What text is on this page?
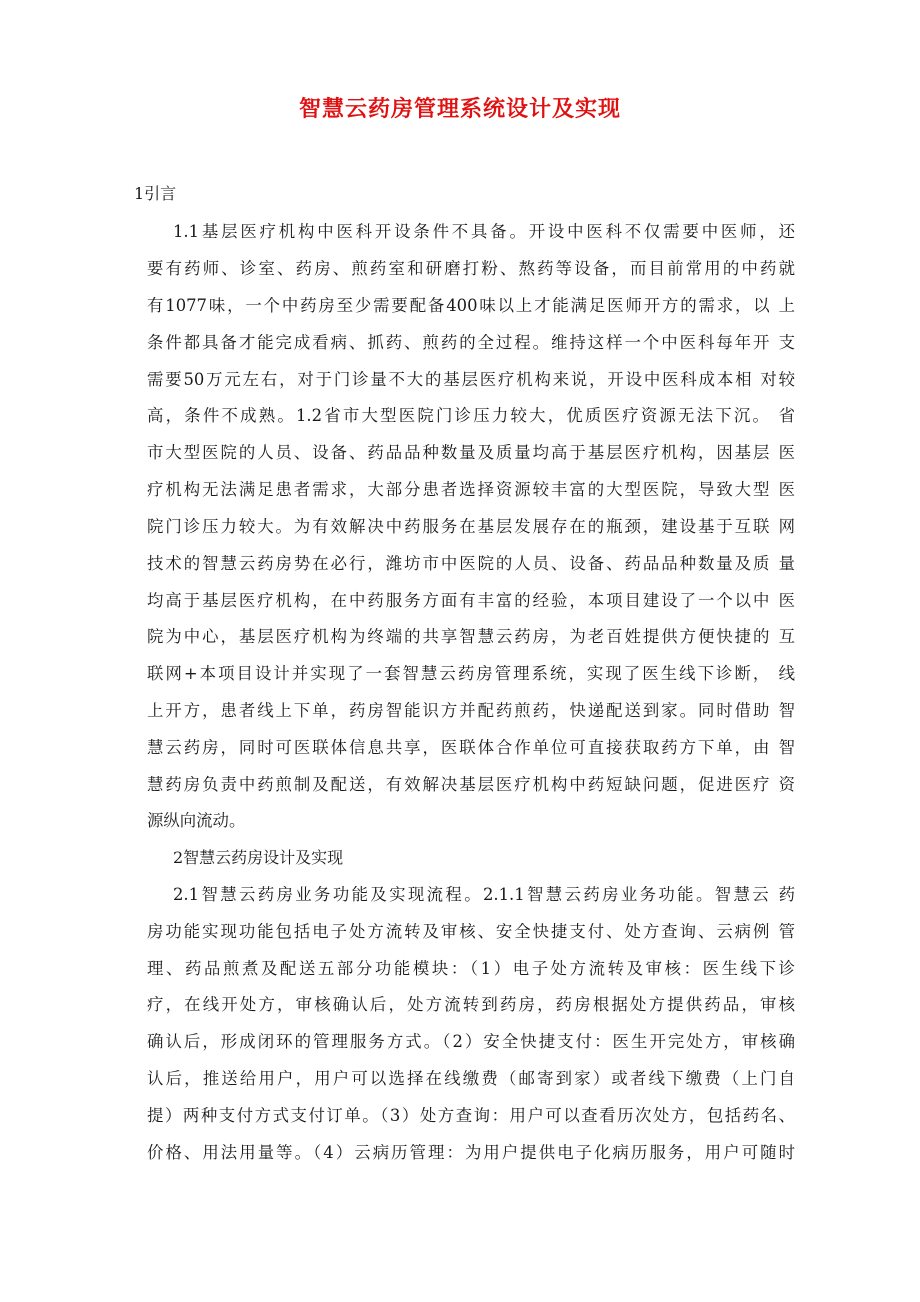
智慧云药房管理系统设计及实现
1引言
1.1基层医疗机构中医科开设条件不具备。开设中医科不仅需要中医师，还
要有药师、诊室、药房、煎药室和研磨打粉、熬药等设备，而目前常用的中药就
有1077味，一个中药房至少需要配备400味以上才能满足医师开方的需求，以 上
条件都具备才能完成看病、抓药、煎药的全过程。维持这样一个中医科每年开 支
需要50万元左右，对于门诊量不大的基层医疗机构来说，开设中医科成本相 对较
高，条件不成熟。1.2省市大型医院门诊压力较大，优质医疗资源无法下沉。 省
市大型医院的人员、设备、药品品种数量及质量均高于基层医疗机构，因基层 医
疗机构无法满足患者需求，大部分患者选择资源较丰富的大型医院，导致大型 医
院门诊压力较大。为有效解决中药服务在基层发展存在的瓶颈，建设基于互联 网
技术的智慧云药房势在必行，潍坊市中医院的人员、设备、药品品种数量及质 量
均高于基层医疗机构，在中药服务方面有丰富的经验，本项目建设了一个以中 医
院为中心，基层医疗机构为终端的共享智慧云药房，为老百姓提供方便快捷的 互
联网+本项目设计并实现了一套智慧云药房管理系统，实现了医生线下诊断， 线
上开方，患者线上下单，药房智能识方并配药煎药，快递配送到家。同时借助 智
慧云药房，同时可医联体信息共享，医联体合作单位可直接获取药方下单，由 智
慧药房负责中药煎制及配送，有效解决基层医疗机构中药短缺问题，促进医疗 资
源纵向流动。
2智慧云药房设计及实现
2.1智慧云药房业务功能及实现流程。2.1.1智慧云药房业务功能。智慧云 药
房功能实现功能包括电子处方流转及审核、安全快捷支付、处方查询、云病例 管
理、药品煎煮及配送五部分功能模块：（1）电子处方流转及审核：医生线下诊
疗，在线开处方，审核确认后，处方流转到药房，药房根据处方提供药品，审核
确认后，形成闭环的管理服务方式。（2）安全快捷支付：医生开完处方，审核确
认后，推送给用户，用户可以选择在线缴费（邮寄到家）或者线下缴费（上门自
提）两种支付方式支付订单。（3）处方查询：用户可以查看历次处方，包括药名、
价格、用法用量等。（4）云病历管理：为用户提供电子化病历服务，用户可随时
